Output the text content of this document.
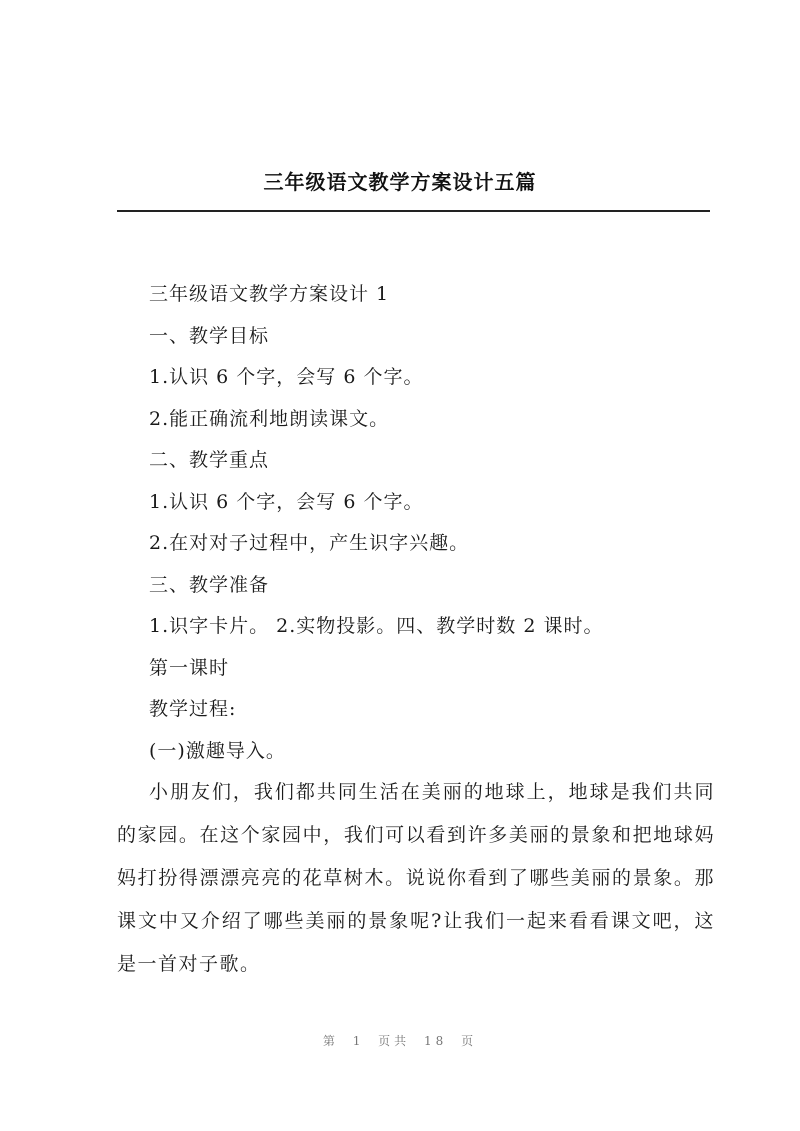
三年级语文教学方案设计五篇

三年级语文教学方案设计 1

一、教学目标

1.认识 6 个字，会写 6 个字。

2.能正确流利地朗读课文。

二、教学重点

1.认识 6 个字，会写 6 个字。

2.在对对子过程中，产生识字兴趣。

三、教学准备

1.识字卡片。 2.实物投影。四、教学时数 2 课时。

第一课时

教学过程:

(一)激趣导入。

小朋友们，我们都共同生活在美丽的地球上，地球是我们共同的家园。在这个家园中，我们可以看到许多美丽的景象和把地球妈妈打扮得漂漂亮亮的花草树木。说说你看到了哪些美丽的景象。那课文中又介绍了哪些美丽的景象呢?让我们一起来看看课文吧，这是一首对子歌。

第 1 页共 18 页
